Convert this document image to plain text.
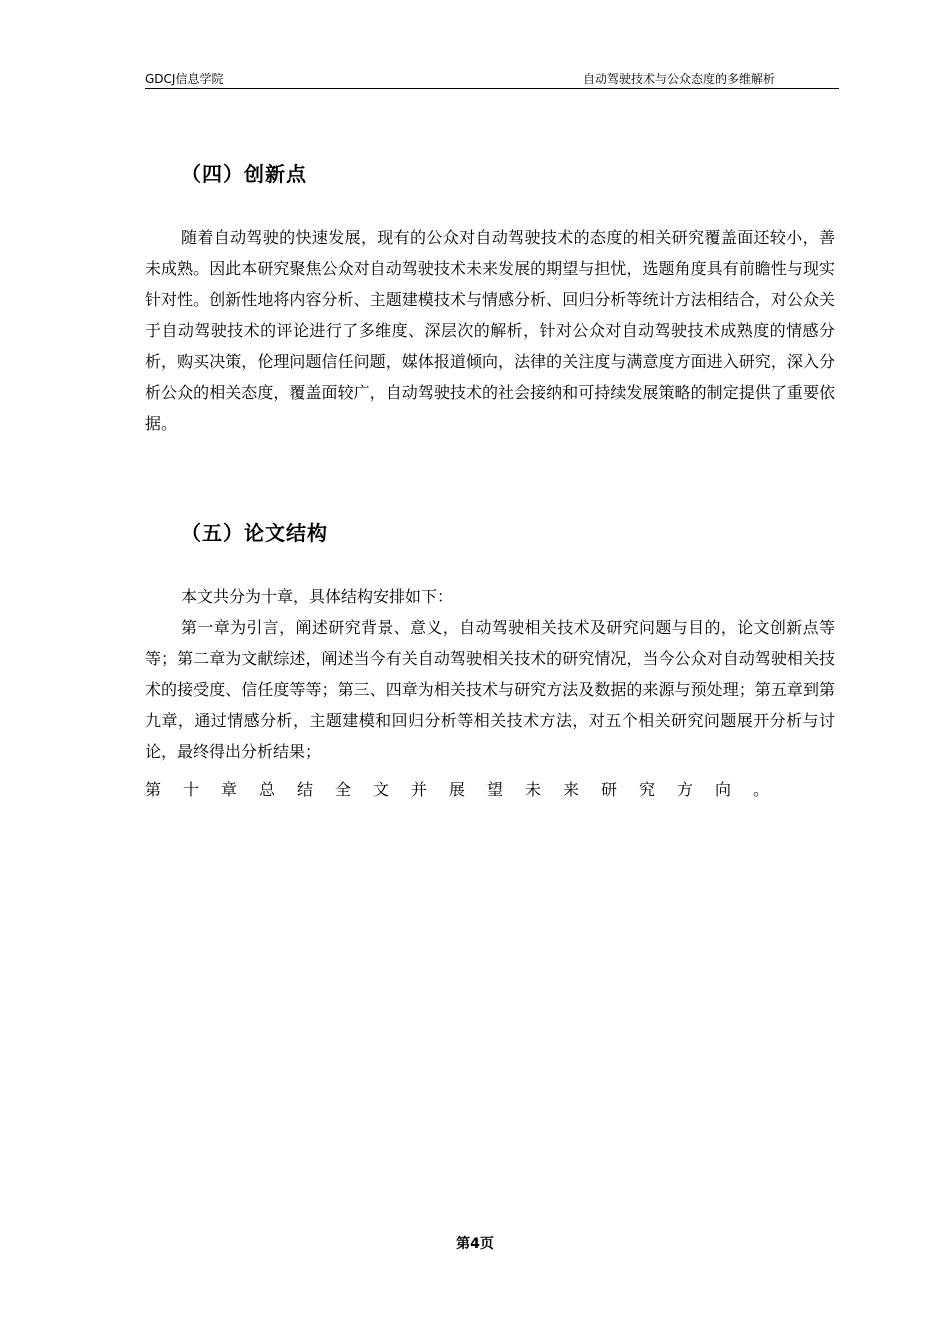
GDCJ信息学院	自动驾驶技术与公众态度的多维解析
（四）创新点

随着自动驾驶的快速发展，现有的公众对自动驾驶技术的态度的相关研究覆盖面还较小，善未成熟。因此本研究聚焦公众对自动驾驶技术未来发展的期望与担忧，选题角度具有前瞻性与现实针对性。创新性地将内容分析、主题建模技术与情感分析、回归分析等统计方法相结合，对公众关于自动驾驶技术的评论进行了多维度、深层次的解析，针对公众对自动驾驶技术成熟度的情感分析，购买决策，伦理问题信任问题，媒体报道倾向，法律的关注度与满意度方面进入研究，深入分析公众的相关态度，覆盖面较广，自动驾驶技术的社会接纳和可持续发展策略的制定提供了重要依据。

（五）论文结构

本文共分为十章，具体结构安排如下：

第一章为引言，阐述研究背景、意义，自动驾驶相关技术及研究问题与目的，论文创新点等等；第二章为文献综述，阐述当今有关自动驾驶相关技术的研究情况，当今公众对自动驾驶相关技术的接受度、信任度等等；第三、四章为相关技术与研究方法及数据的来源与预处理；第五章到第九章，通过情感分析，主题建模和回归分析等相关技术方法，对五个相关研究问题展开分析与讨论，最终得出分析结果；

第十章总结全文并展望未来研究方向。

第4页
